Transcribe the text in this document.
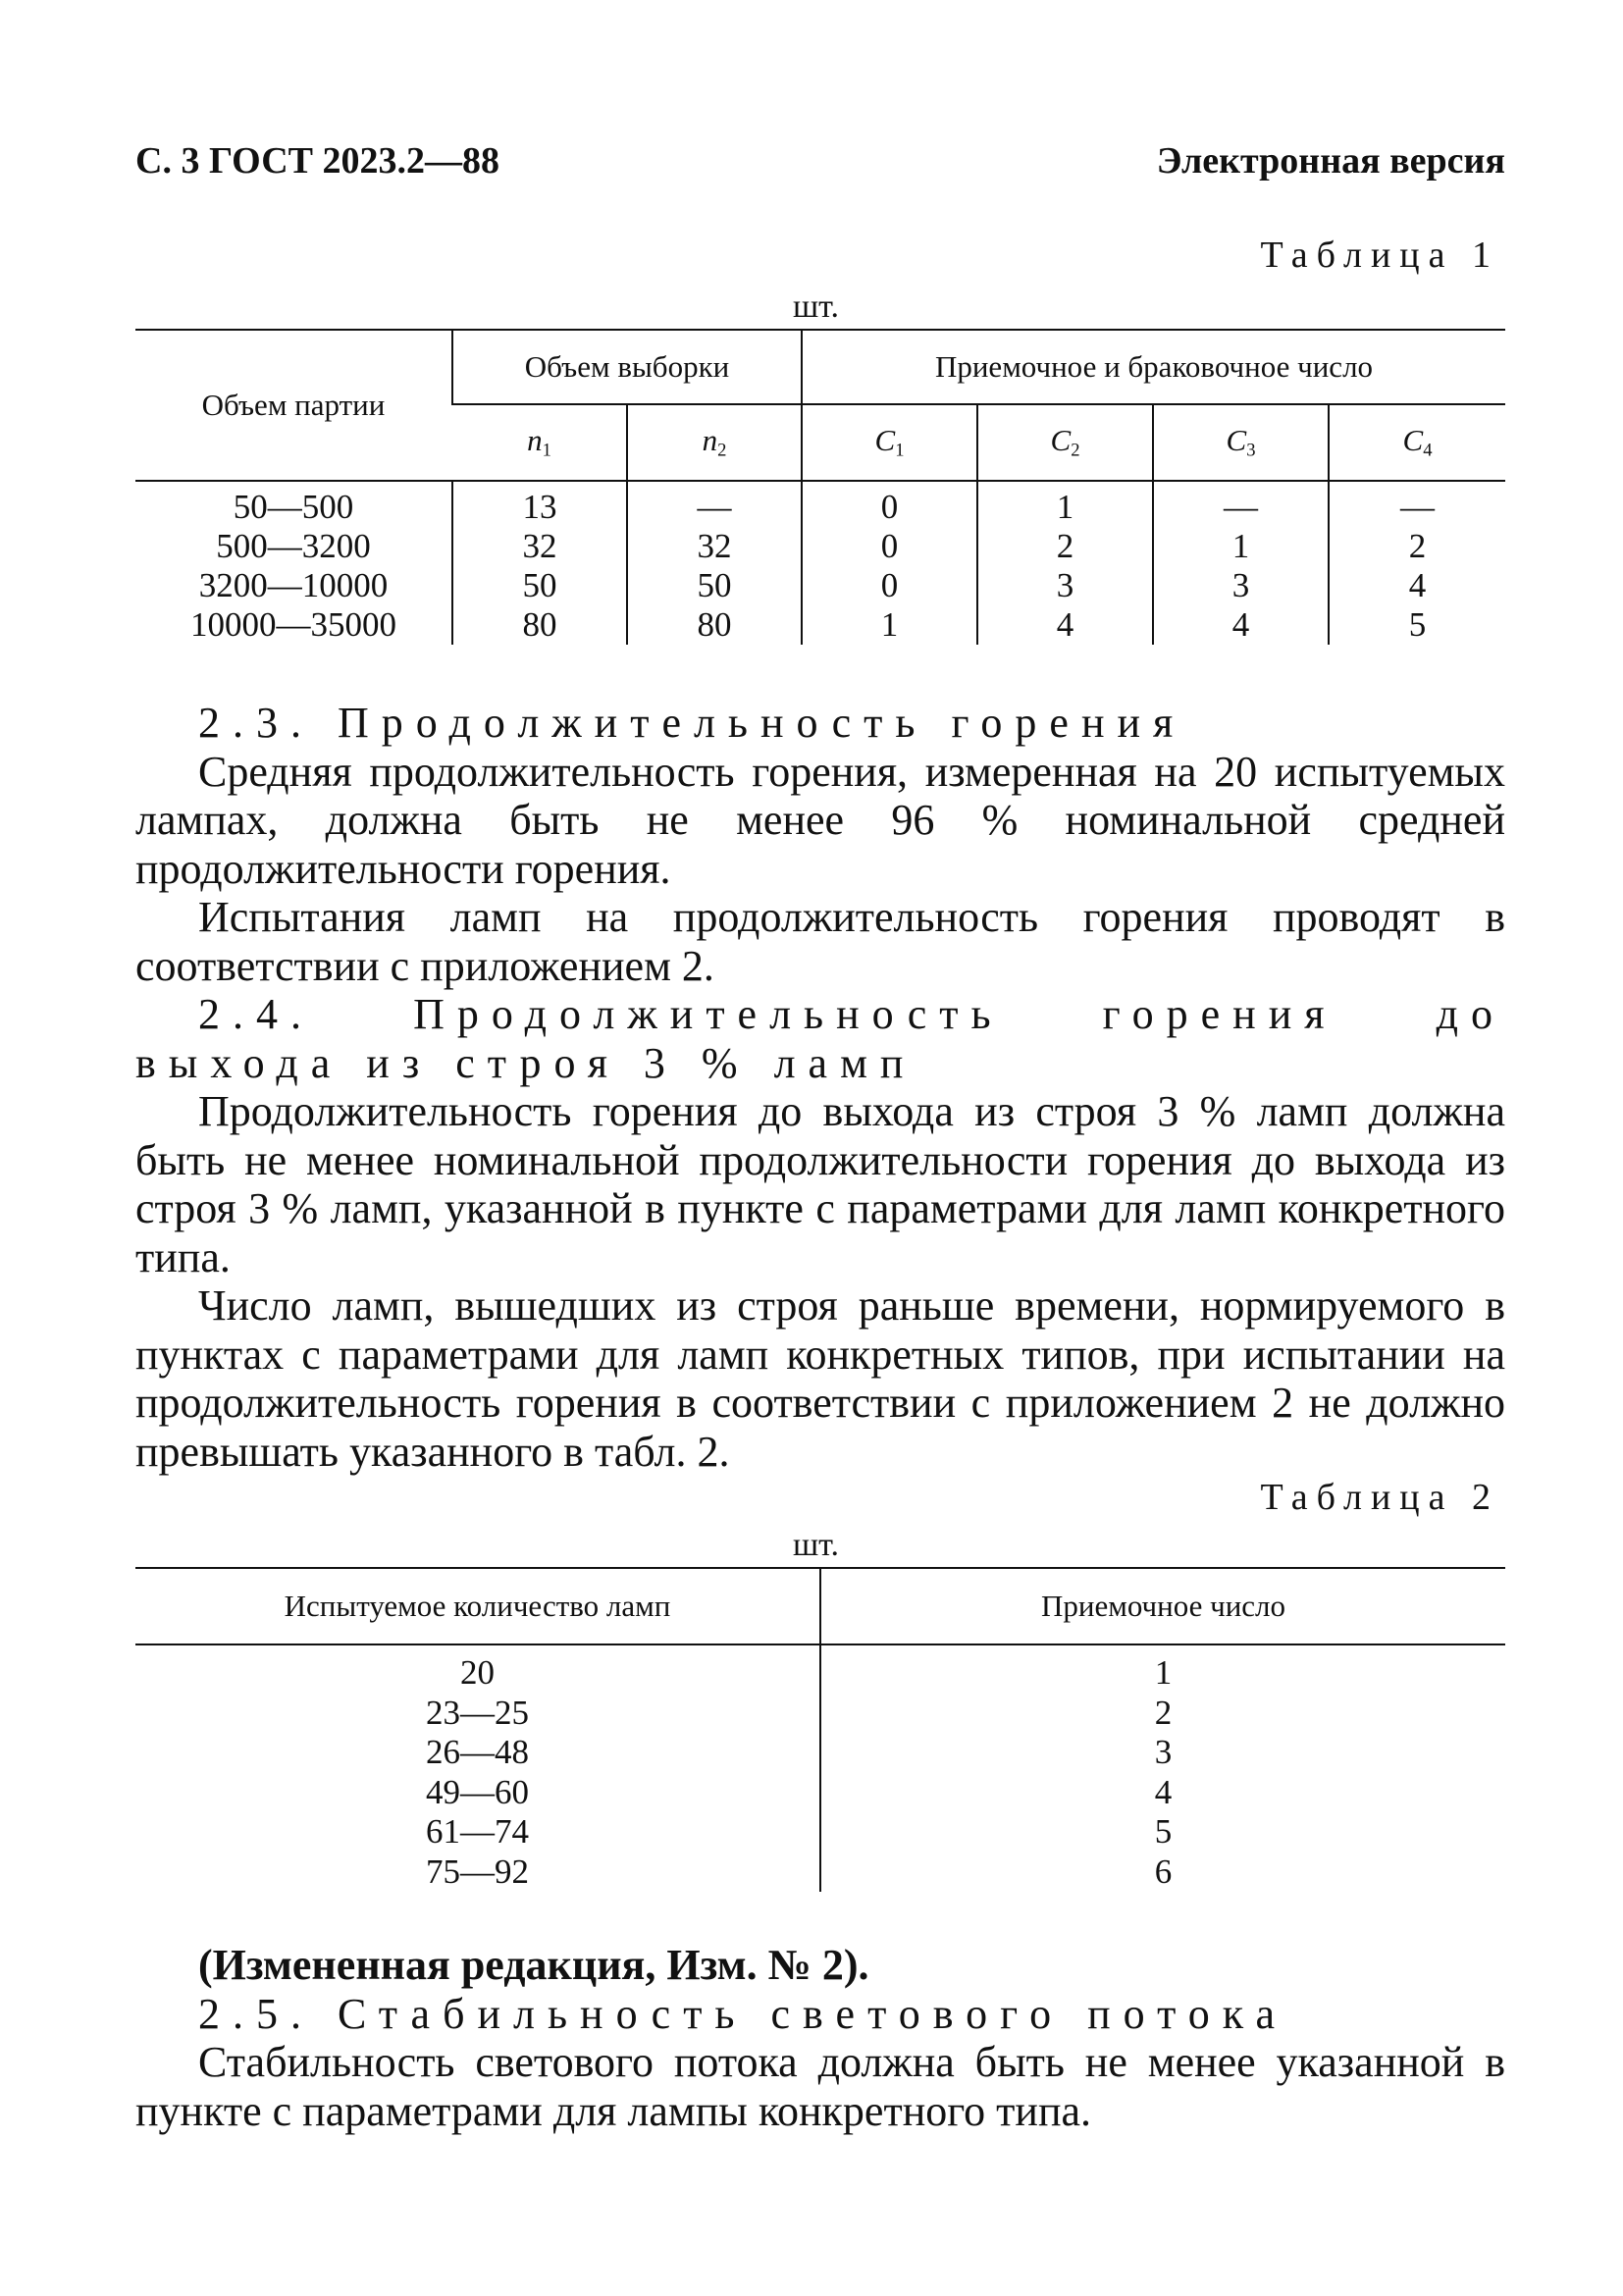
С. 3 ГОСТ 2023.2—88	Электронная версия
Таблица 1
шт.
Объем партии	Объем выборки		Приемочное и браковочное число			
	$n_1$	$n_2$	$C_1$	$C_2$	$C_3$	$C_4$
50—500	13	—	0	1	—	—
500—3200	32	32	0	2	1	2
3200—10000	50	50	0	3	3	4
10000—35000	80	80	1	4	4	5

2.3. Продолжительность горения

Средняя продолжительность горения, измеренная на 20 испытуемых лампах, должна быть не менее 96 % номинальной средней продолжительности горения.

Испытания ламп на продолжительность горения проводят в соответствии с приложением 2.

2.4. Продолжительность горения до выхода из строя 3 % ламп

Продолжительность горения до выхода из строя 3 % ламп должна быть не менее номинальной продолжительности горения до выхода из строя 3 % ламп, указанной в пункте с параметрами для ламп конкретного типа.

Число ламп, вышедших из строя раньше времени, нормируемого в пунктах с параметрами для ламп конкретных типов, при испытании на продолжительность горения в соответствии с приложением 2 не должно превышать указанного в табл. 2.

Таблица 2
шт.
Испытуемое количество ламп	Приемочное число
20	1
23—25	2
26—48	3
49—60	4
61—74	5
75—92	6

(Измененная редакция, Изм. № 2).

2.5. Стабильность светового потока

Стабильность светового потока должна быть не менее указанной в пункте с параметрами для лампы конкретного типа.
